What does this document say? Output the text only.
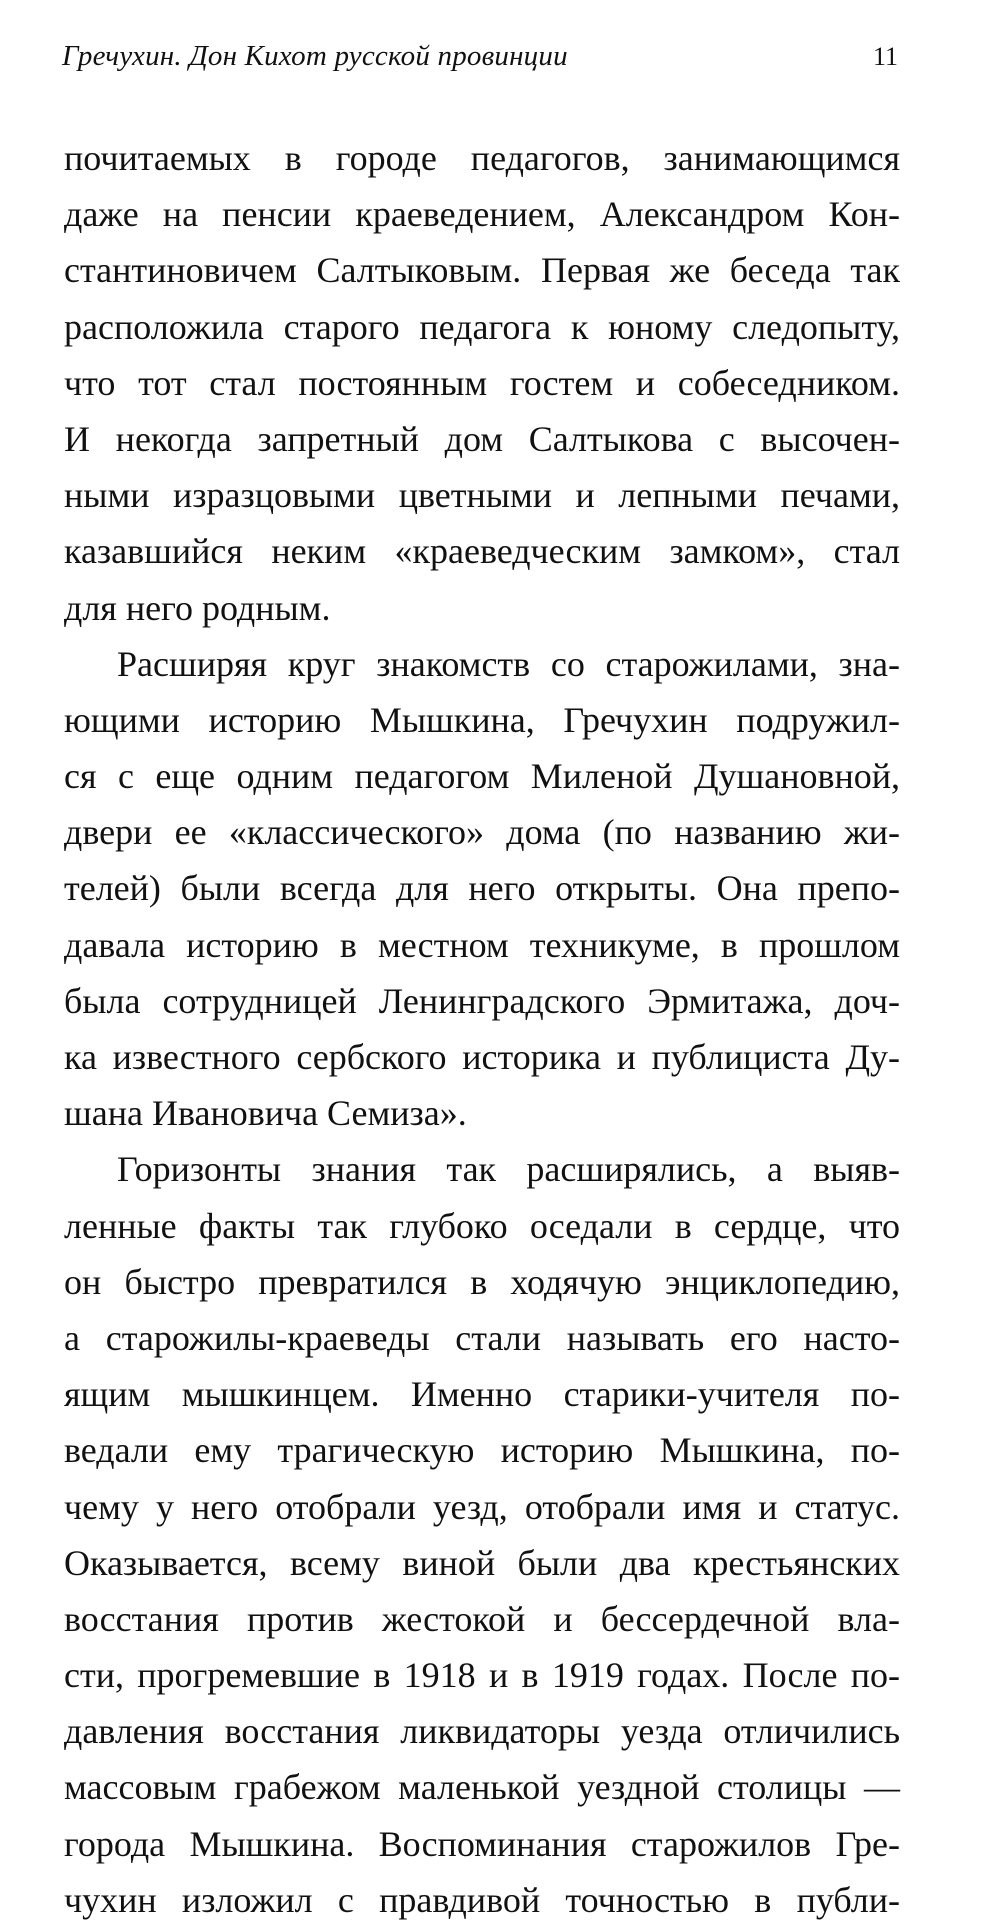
Гречухин. Дон Кихот русской провинции	11
почитаемых в городе педагогов, занимающимся
даже на пенсии краеведением, Александром Кон-
стантиновичем Салтыковым. Первая же беседа так
расположила старого педагога к юному следопыту,
что тот стал постоянным гостем и собеседником.
И некогда запретный дом Салтыкова с высочен-
ными изразцовыми цветными и лепными печами,
казавшийся неким «краеведческим замком», стал
для него родным.
Расширяя круг знакомств со старожилами, зна-
ющими историю Мышкина, Гречухин подружил-
ся с еще одним педагогом Миленой Душановной,
двери ее «классического» дома (по названию жи-
телей) были всегда для него открыты. Она препо-
давала историю в местном техникуме, в прошлом
была сотрудницей Ленинградского Эрмитажа, доч-
ка известного сербского историка и публициста Ду-
шана Ивановича Семиза».
Горизонты знания так расширялись, а выяв-
ленные факты так глубоко оседали в сердце, что
он быстро превратился в ходячую энциклопедию,
а старожилы-краеведы стали называть его насто-
ящим мышкинцем. Именно старики-учителя по-
ведали ему трагическую историю Мышкина, по-
чему у него отобрали уезд, отобрали имя и статус.
Оказывается, всему виной были два крестьянских
восстания против жестокой и бессердечной вла-
сти, прогремевшие в 1918 и в 1919 годах. После по-
давления восстания ликвидаторы уезда отличились
массовым грабежом маленькой уездной столицы —
города Мышкина. Воспоминания старожилов Гре-
чухин изложил с правдивой точностью в публи-
